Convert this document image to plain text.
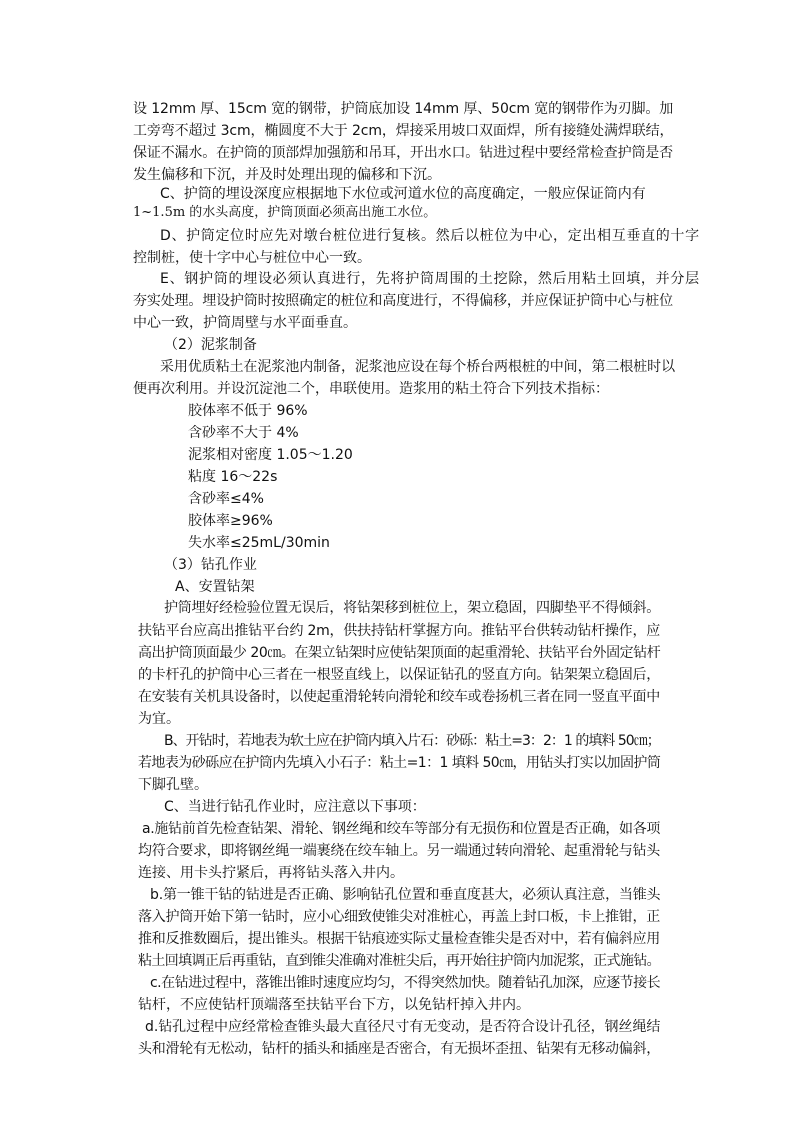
设 12mm 厚、15cm 宽的钢带，护筒底加设 14mm 厚、50cm 宽的钢带作为刃脚。加
工旁弯不超过 3cm，椭圆度不大于 2cm，焊接采用坡口双面焊，所有接缝处满焊联结，
保证不漏水。在护筒的顶部焊加强筋和吊耳，开出水口。钻进过程中要经常检查护筒是否
发生偏移和下沉，并及时处理出现的偏移和下沉。
C、护筒的埋设深度应根据地下水位或河道水位的高度确定，一般应保证筒内有
1~1.5m 的水头高度，护筒顶面必须高出施工水位。
D、护筒定位时应先对墩台桩位进行复核。然后以桩位为中心，定出相互垂直的十字
控制桩，使十字中心与桩位中心一致。
E、钢护筒的埋设必须认真进行，先将护筒周围的土挖除，然后用粘土回填，并分层
夯实处理。埋设护筒时按照确定的桩位和高度进行，不得偏移，并应保证护筒中心与桩位
中心一致，护筒周壁与水平面垂直。
（2）泥浆制备
采用优质粘土在泥浆池内制备，泥浆池应设在每个桥台两根桩的中间，第二根桩时以
便再次利用。并设沉淀池二个，串联使用。造浆用的粘土符合下列技术指标：
胶体率不低于 96%
含砂率不大于 4%
泥浆相对密度 1.05～1.20
粘度 16～22s
含砂率≤4%
胶体率≥96%
失水率≤25mL/30min
（3）钻孔作业
A、安置钻架
护筒埋好经检验位置无误后，将钻架移到桩位上，架立稳固，四脚垫平不得倾斜。
扶钻平台应高出推钻平台约 2m，供扶持钻杆掌握方向。推钻平台供转动钻杆操作，应
高出护筒顶面最少 20㎝。在架立钻架时应使钻架顶面的起重滑轮、扶钻平台外固定钻杆
的卡杆孔的护筒中心三者在一根竖直线上，以保证钻孔的竖直方向。钻架架立稳固后，
在安装有关机具设备时，以使起重滑轮转向滑轮和绞车或卷扬机三者在同一竖直平面中
为宜。
B、开钻时，若地表为软土应在护筒内填入片石：砂砾：粘土=3：2：1 的填料 50㎝；
若地表为砂砾应在护筒内先填入小石子：粘土=1：1 填料 50㎝，用钻头打实以加固护筒
下脚孔壁。
C、当进行钻孔作业时，应注意以下事项：
a.施钻前首先检查钻架、滑轮、钢丝绳和绞车等部分有无损伤和位置是否正确，如各项
均符合要求，即将钢丝绳一端裹绕在绞车轴上。另一端通过转向滑轮、起重滑轮与钻头
连接、用卡头拧紧后，再将钻头落入井内。
b.第一锥干钻的钻进是否正确、影响钻孔位置和垂直度甚大，必须认真注意，当锥头
落入护筒开始下第一钻时，应小心细致使锥尖对准桩心，再盖上封口板，卡上推钳，正
推和反推数圈后，提出锥头。根据干钻痕迹实际丈量检查锥尖是否对中，若有偏斜应用
粘土回填调正后再重钻，直到锥尖准确对准桩尖后，再开始往护筒内加泥浆，正式施钻。
c.在钻进过程中，落锥出锥时速度应均匀，不得突然加快。随着钻孔加深，应逐节接长
钻杆，不应使钻杆顶端落至扶钻平台下方，以免钻杆掉入井内。
d.钻孔过程中应经常检查锥头最大直径尺寸有无变动，是否符合设计孔径，钢丝绳结
头和滑轮有无松动，钻杆的插头和插座是否密合，有无损坏歪扭、钻架有无移动偏斜，
